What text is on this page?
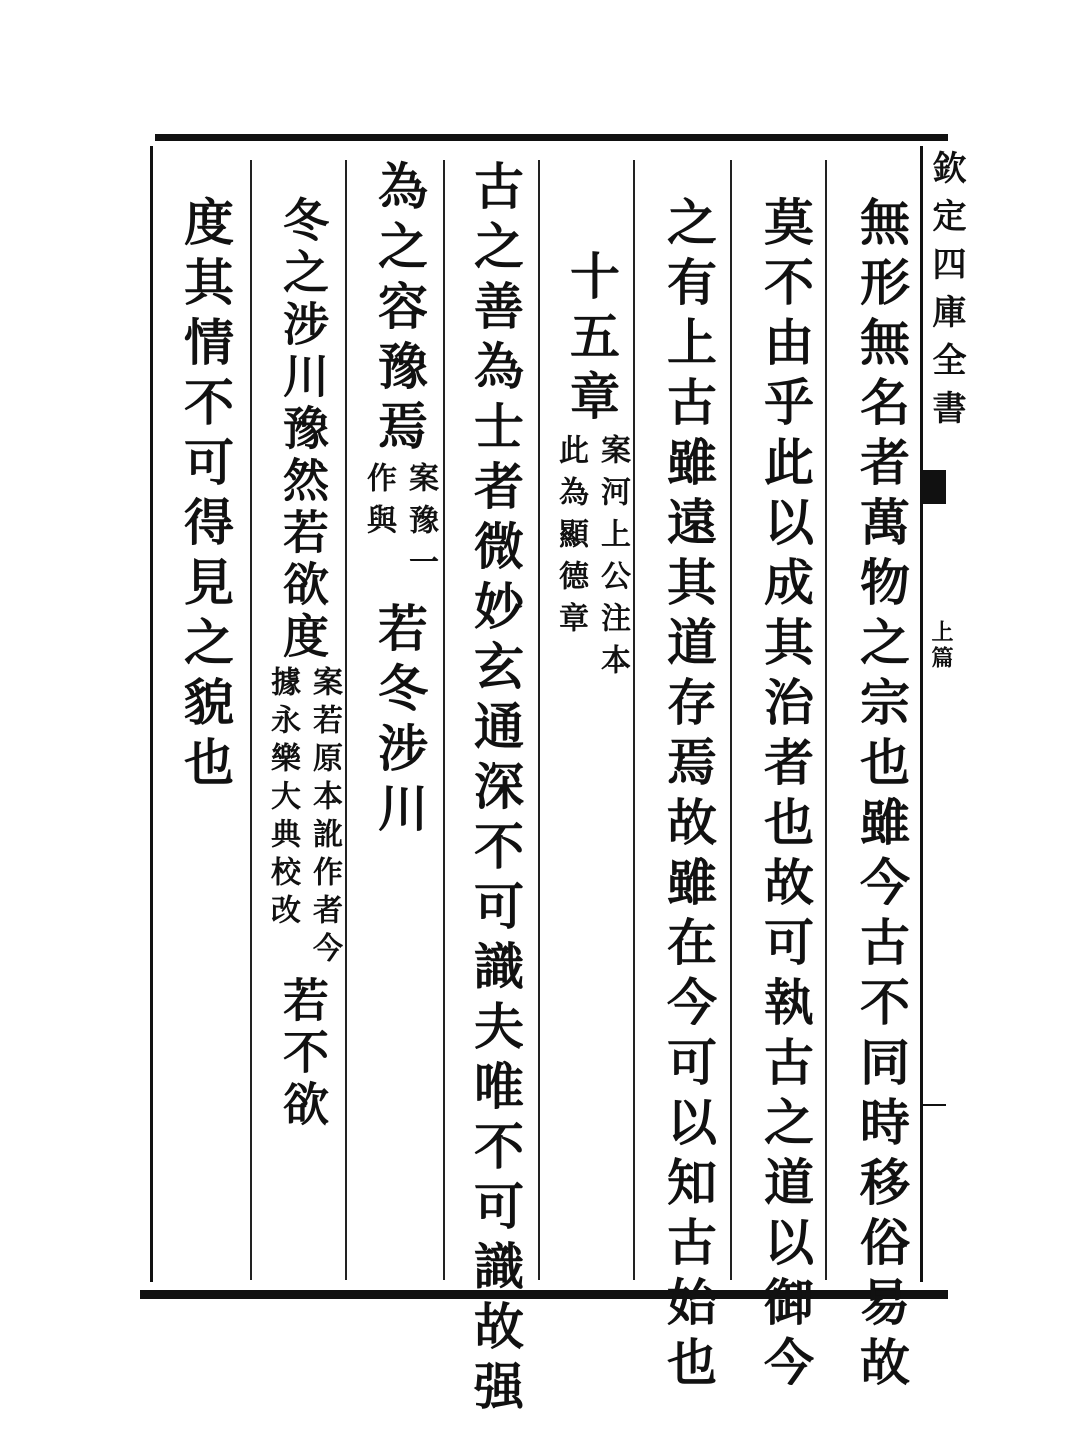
欽定四庫全書
上篇
無形無名者萬物之宗也雖今古不同時移俗易故
莫不由乎此以成其治者也故可執古之道以御今
之有上古雖遠其道存焉故雖在今可以知古始也
十五章
案河上公注本
此為顯德章
古之善為士者微妙玄通深不可識夫唯不可識故强
為之容豫焉
案豫一
作與
若冬涉川
冬之涉川豫然若欲度
案若原本訛作者今
據永樂大典校改
若不欲
度其情不可得見之貌也
